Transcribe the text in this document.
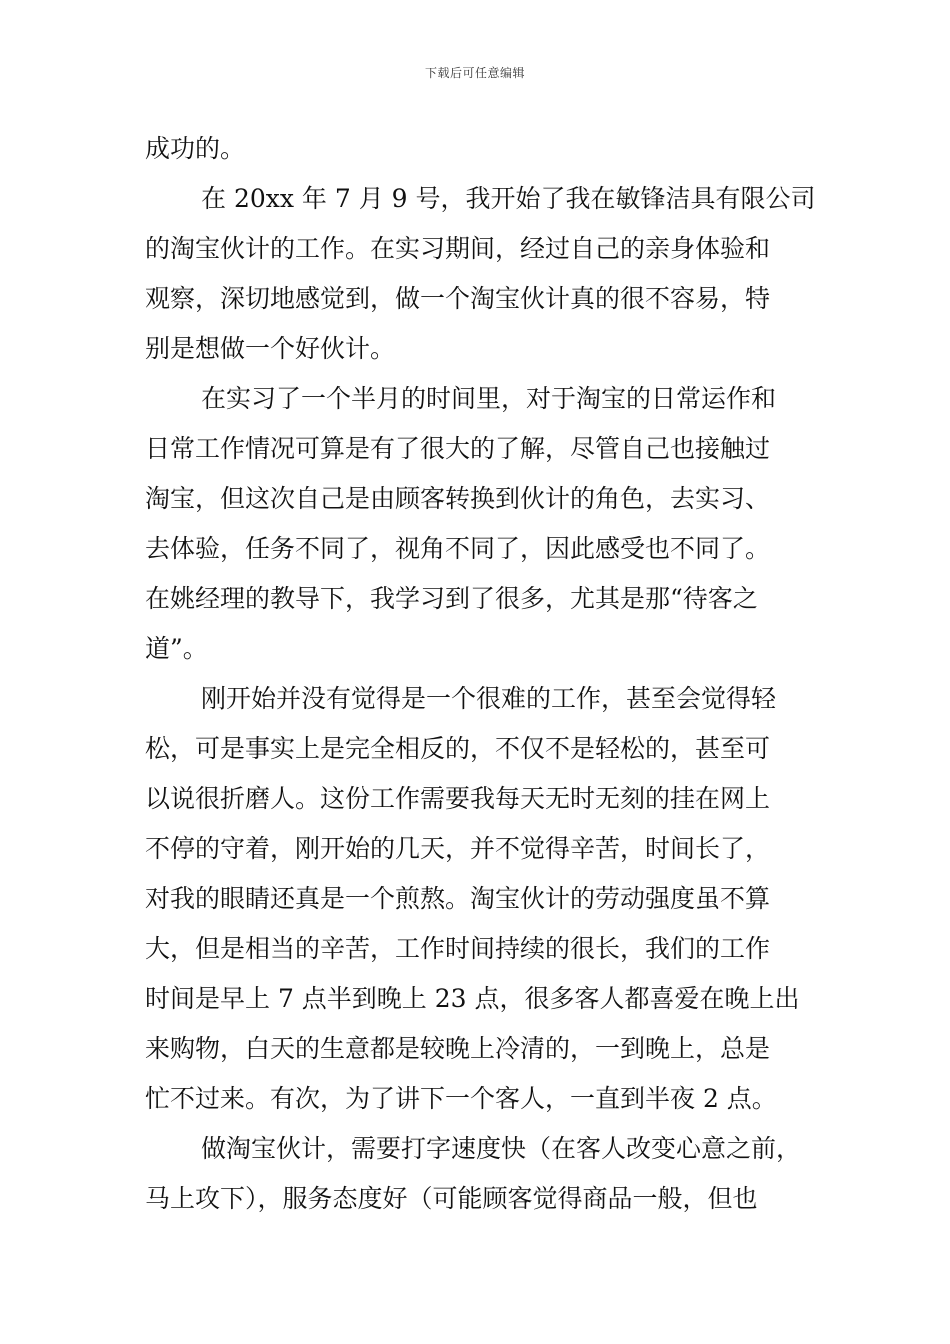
下载后可任意编辑
成功的。
在 20xx 年 7 月 9 号，我开始了我在敏锋洁具有限公司
的淘宝伙计的工作。在实习期间，经过自己的亲身体验和
观察，深切地感觉到，做一个淘宝伙计真的很不容易，特
别是想做一个好伙计。
在实习了一个半月的时间里，对于淘宝的日常运作和
日常工作情况可算是有了很大的了解，尽管自己也接触过
淘宝，但这次自己是由顾客转换到伙计的角色，去实习、
去体验，任务不同了，视角不同了，因此感受也不同了。
在姚经理的教导下，我学习到了很多，尤其是那“待客之
道”。
刚开始并没有觉得是一个很难的工作，甚至会觉得轻
松，可是事实上是完全相反的，不仅不是轻松的，甚至可
以说很折磨人。这份工作需要我每天无时无刻的挂在网上
不停的守着，刚开始的几天，并不觉得辛苦，时间长了，
对我的眼睛还真是一个煎熬。淘宝伙计的劳动强度虽不算
大，但是相当的辛苦，工作时间持续的很长，我们的工作
时间是早上 7 点半到晚上 23 点，很多客人都喜爱在晚上出
来购物，白天的生意都是较晚上冷清的，一到晚上，总是
忙不过来。有次，为了讲下一个客人，一直到半夜 2 点。
做淘宝伙计，需要打字速度快（在客人改变心意之前，
马上攻下），服务态度好（可能顾客觉得商品一般，但也
